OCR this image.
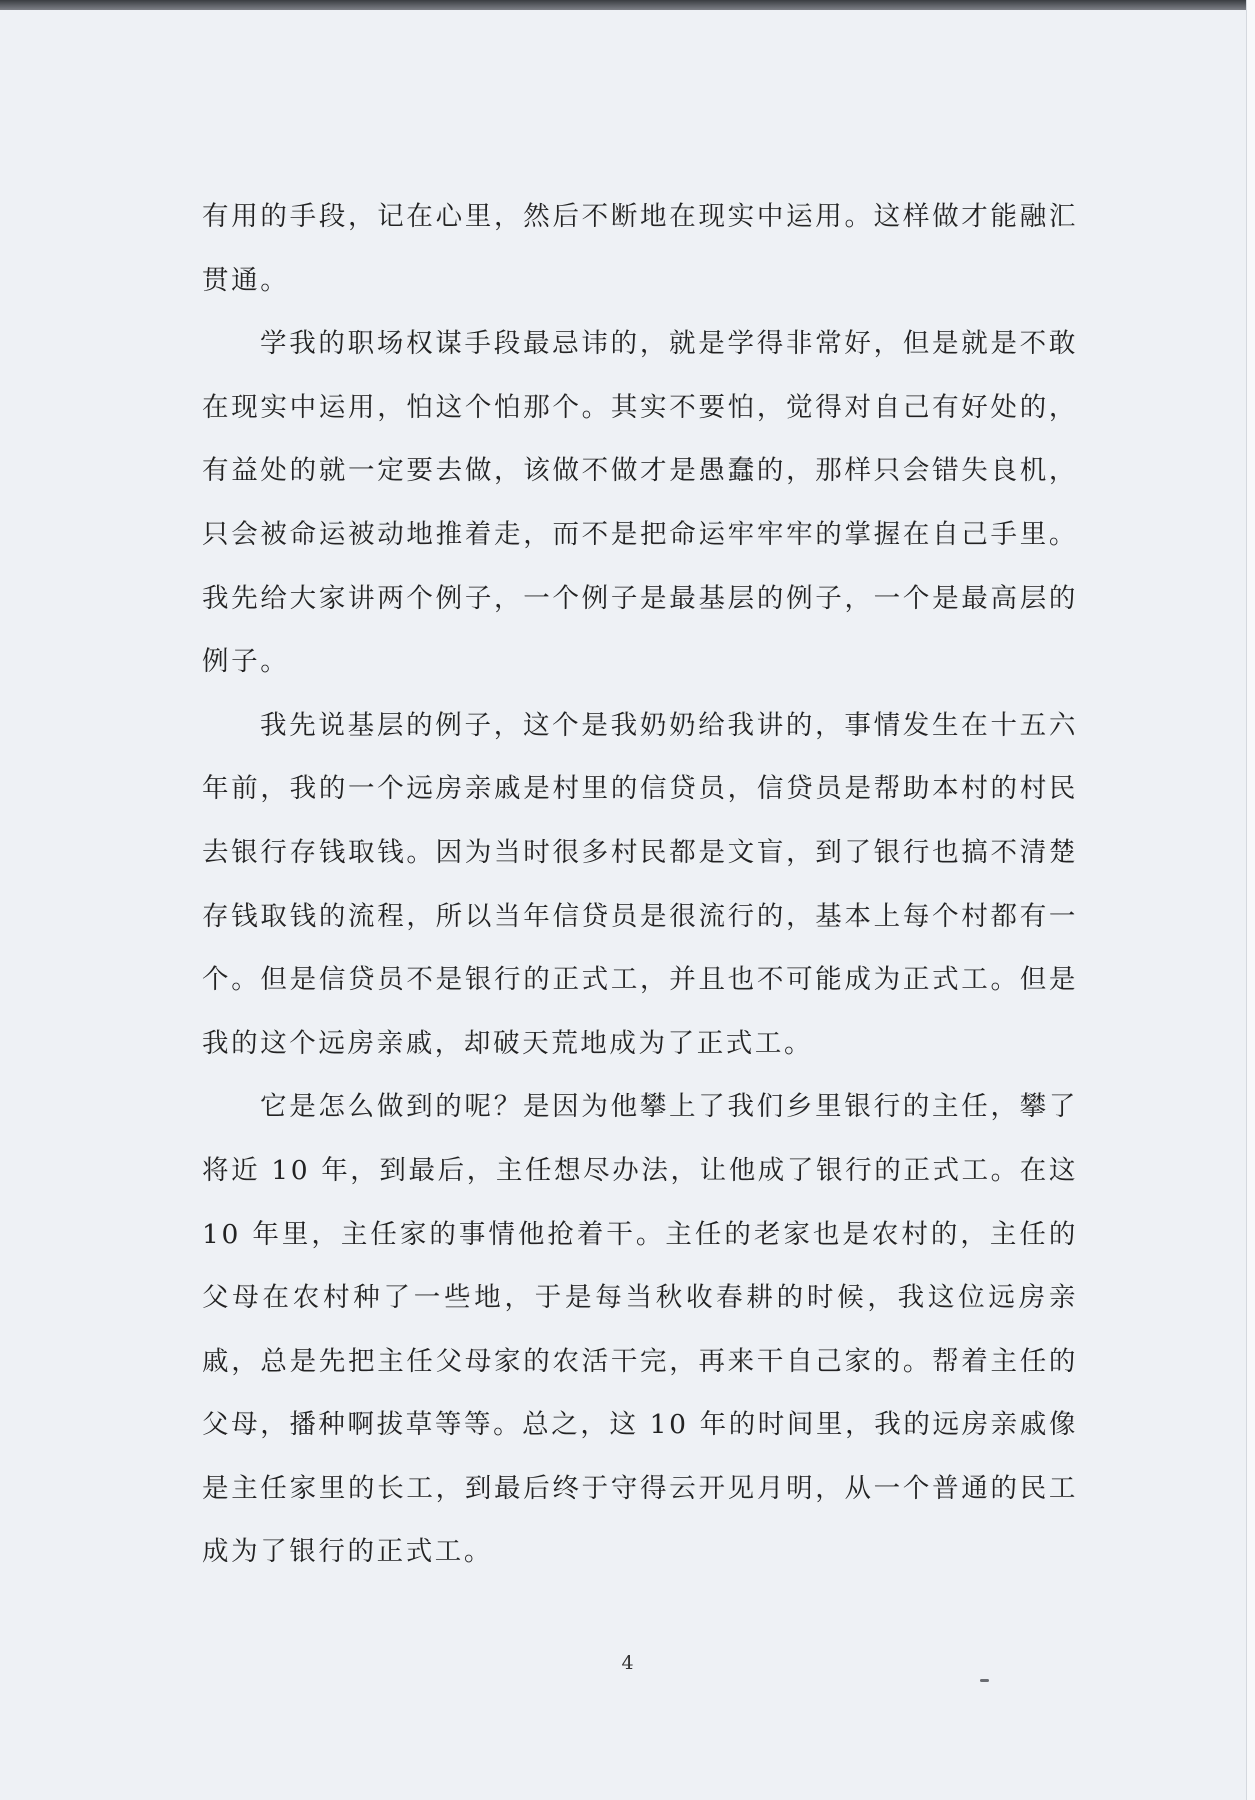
有用的手段，记在心里，然后不断地在现实中运用。这样做才能融汇贯通。

学我的职场权谋手段最忌讳的，就是学得非常好，但是就是不敢在现实中运用，怕这个怕那个。其实不要怕，觉得对自己有好处的，有益处的就一定要去做，该做不做才是愚蠢的，那样只会错失良机，只会被命运被动地推着走，而不是把命运牢牢牢的掌握在自己手里。我先给大家讲两个例子，一个例子是最基层的例子，一个是最高层的例子。

我先说基层的例子，这个是我奶奶给我讲的，事情发生在十五六年前，我的一个远房亲戚是村里的信贷员，信贷员是帮助本村的村民去银行存钱取钱。因为当时很多村民都是文盲，到了银行也搞不清楚存钱取钱的流程，所以当年信贷员是很流行的，基本上每个村都有一个。但是信贷员不是银行的正式工，并且也不可能成为正式工。但是我的这个远房亲戚，却破天荒地成为了正式工。

它是怎么做到的呢？是因为他攀上了我们乡里银行的主任，攀了将近 10 年，到最后，主任想尽办法，让他成了银行的正式工。在这 10 年里，主任家的事情他抢着干。主任的老家也是农村的，主任的父母在农村种了一些地，于是每当秋收春耕的时候，我这位远房亲戚，总是先把主任父母家的农活干完，再来干自己家的。帮着主任的父母，播种啊拔草等等。总之，这 10 年的时间里，我的远房亲戚像是主任家里的长工，到最后终于守得云开见月明，从一个普通的民工成为了银行的正式工。

4
